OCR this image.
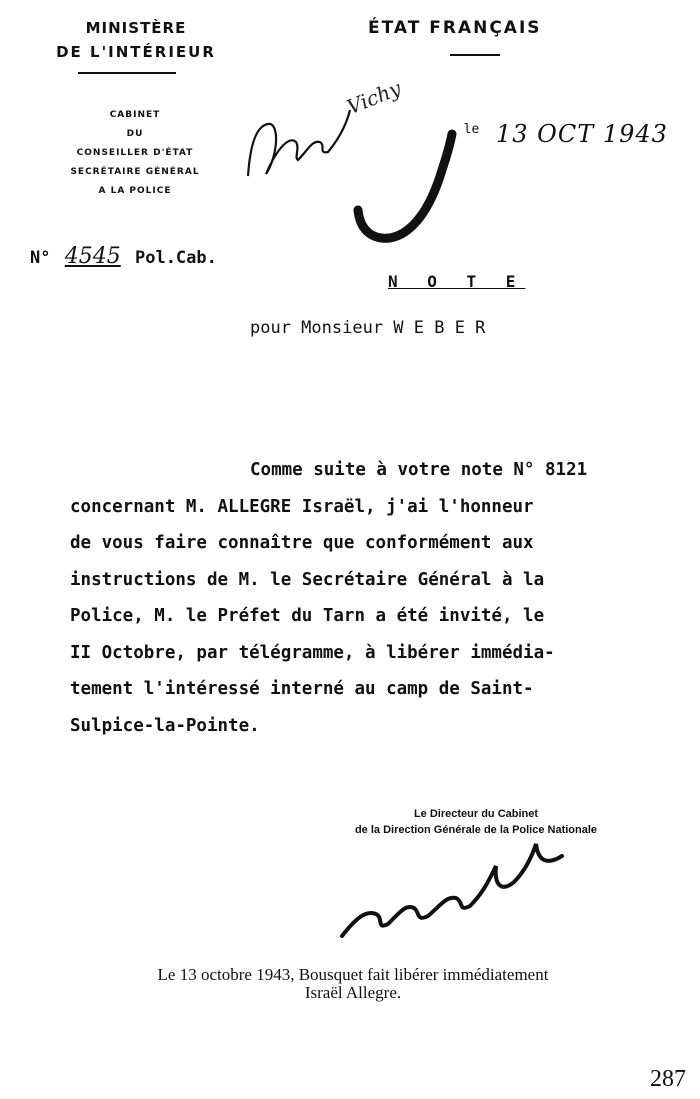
MINISTÈRE
DE L'INTÉRIEUR
ÉTAT FRANÇAIS
CABINET
DU
CONSEILLER D'ÉTAT
SECRÉTAIRE GÉNÉRAL
A LA POLICE
N° 4545 Pol.Cab.
Vichy
, le 13 OCT 1943
N O T E
pour Monsieur W E B E R

Comme suite à votre note N° 8121

concernant M. ALLEGRE Israël, j'ai l'honneur

de vous faire connaître que conformément aux

instructions de M. le Secrétaire Général à la

Police, M. le Préfet du Tarn a été invité, le

II Octobre, par télégramme, à libérer immédia-

tement l'intéressé interné au camp de Saint-

Sulpice-la-Pointe.

Le Directeur du Cabinet
de la Direction Générale de la Police Nationale
Le 13 octobre 1943, Bousquet fait libérer immédiatement
Israël Allegre.
287
